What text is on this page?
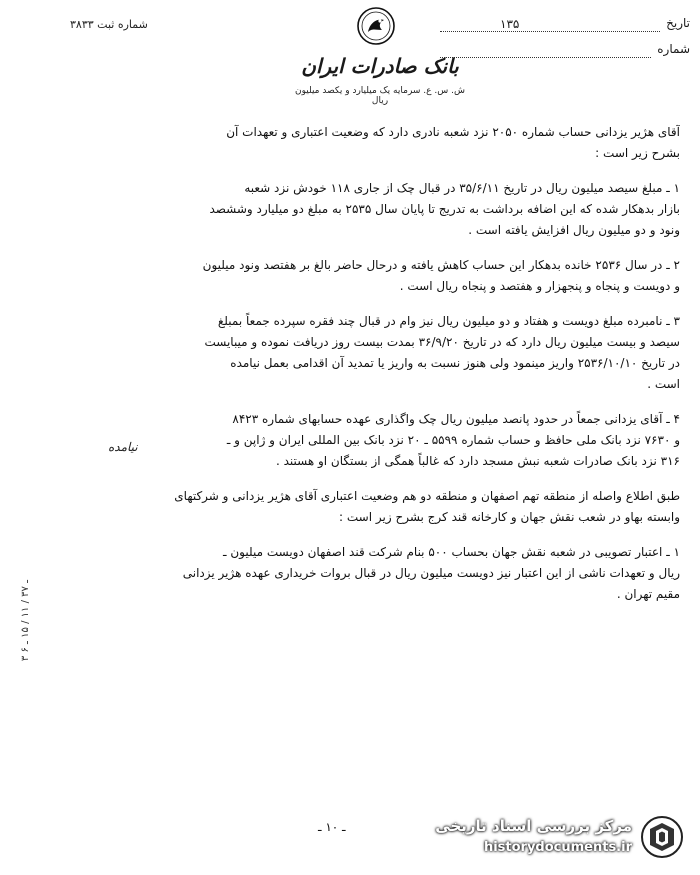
تاریخ
۱۳۵
شماره
شماره ثبت ۳۸۳۳
بانک صادرات ایران
ش. س. ع. سرمایه یک میلیارد و یکصد میلیون ریال
آقای هژیر یزدانی حساب شماره ۲۰۵۰ نزد شعبه نادری دارد که وضعیت اعتباری و تعهدات آن
بشرح زیر است :
۱ ـ مبلغ سیصد میلیون ریال در تاریخ ۳۵/۶/۱۱ در قبال چک از جاری ۱۱۸ خودش نزد شعبه
بازار بدهکار شده که این اضافه برداشت به تدریج تا پایان سال ۲۵۳۵ به مبلغ دو میلیارد وششصد
ونود و دو میلیون ریال افزایش یافته است .
۲ ـ در سال ۲۵۳۶ خانده بدهکار این حساب کاهش یافته و درحال حاضر بالغ بر هفتصد ونود میلیون
و دویست و پنجاه و پنجهزار و هفتصد و پنجاه ریال است .
۳ ـ نامبرده مبلغ دویست و هفتاد و دو میلیون ریال نیز وام در قبال چند فقره سپرده جمعاً بمبلغ
سیصد و بیست میلیون ریال دارد که در تاریخ ۳۶/۹/۲۰ بمدت بیست روز دریافت نموده و میبایست
در تاریخ ۲۵۳۶/۱۰/۱۰ واریز مینمود ولی هنوز نسبت به واریز یا تمدید آن اقدامی بعمل نیامده
است .
۴ ـ آقای یزدانی جمعاً در حدود پانصد میلیون ریال چک واگذاری عهده حسابهای شماره ۸۴۲۳
و ۷۶۳۰ نزد بانک ملی حافظ و حساب شماره ۵۵۹۹ ـ ۲۰ نزد بانک بین المللی ایران و ژاپن و ـ
۳۱۶ نزد بانک صادرات شعبه نبش مسجد دارد که غالباً همگی از بستگان او هستند .
طبق اطلاع واصله از منطقه تهم اصفهان و منطقه دو هم وضعیت اعتباری آقای هژیر یزدانی و شرکتهای
وابسته بهاو در شعب نقش جهان و کارخانه قند کرج بشرح زیر است :
۱ ـ اعتبار تصویبی در شعبه نقش جهان بحساب ۵۰۰ بنام شرکت قند اصفهان دویست میلیون ـ
ریال و تعهدات ناشی از این اعتبار نیز دویست میلیون ریال در قبال بروات خریداری عهده هژیر یزدانی
مقیم تهران .
نیامده
۳ ـ ۳۷ / ۱۱ / ۱۵ ـ ۶
ـ ۱۰ ـ	مرکز بررسی اسناد تاریخی
historydocuments.ir
